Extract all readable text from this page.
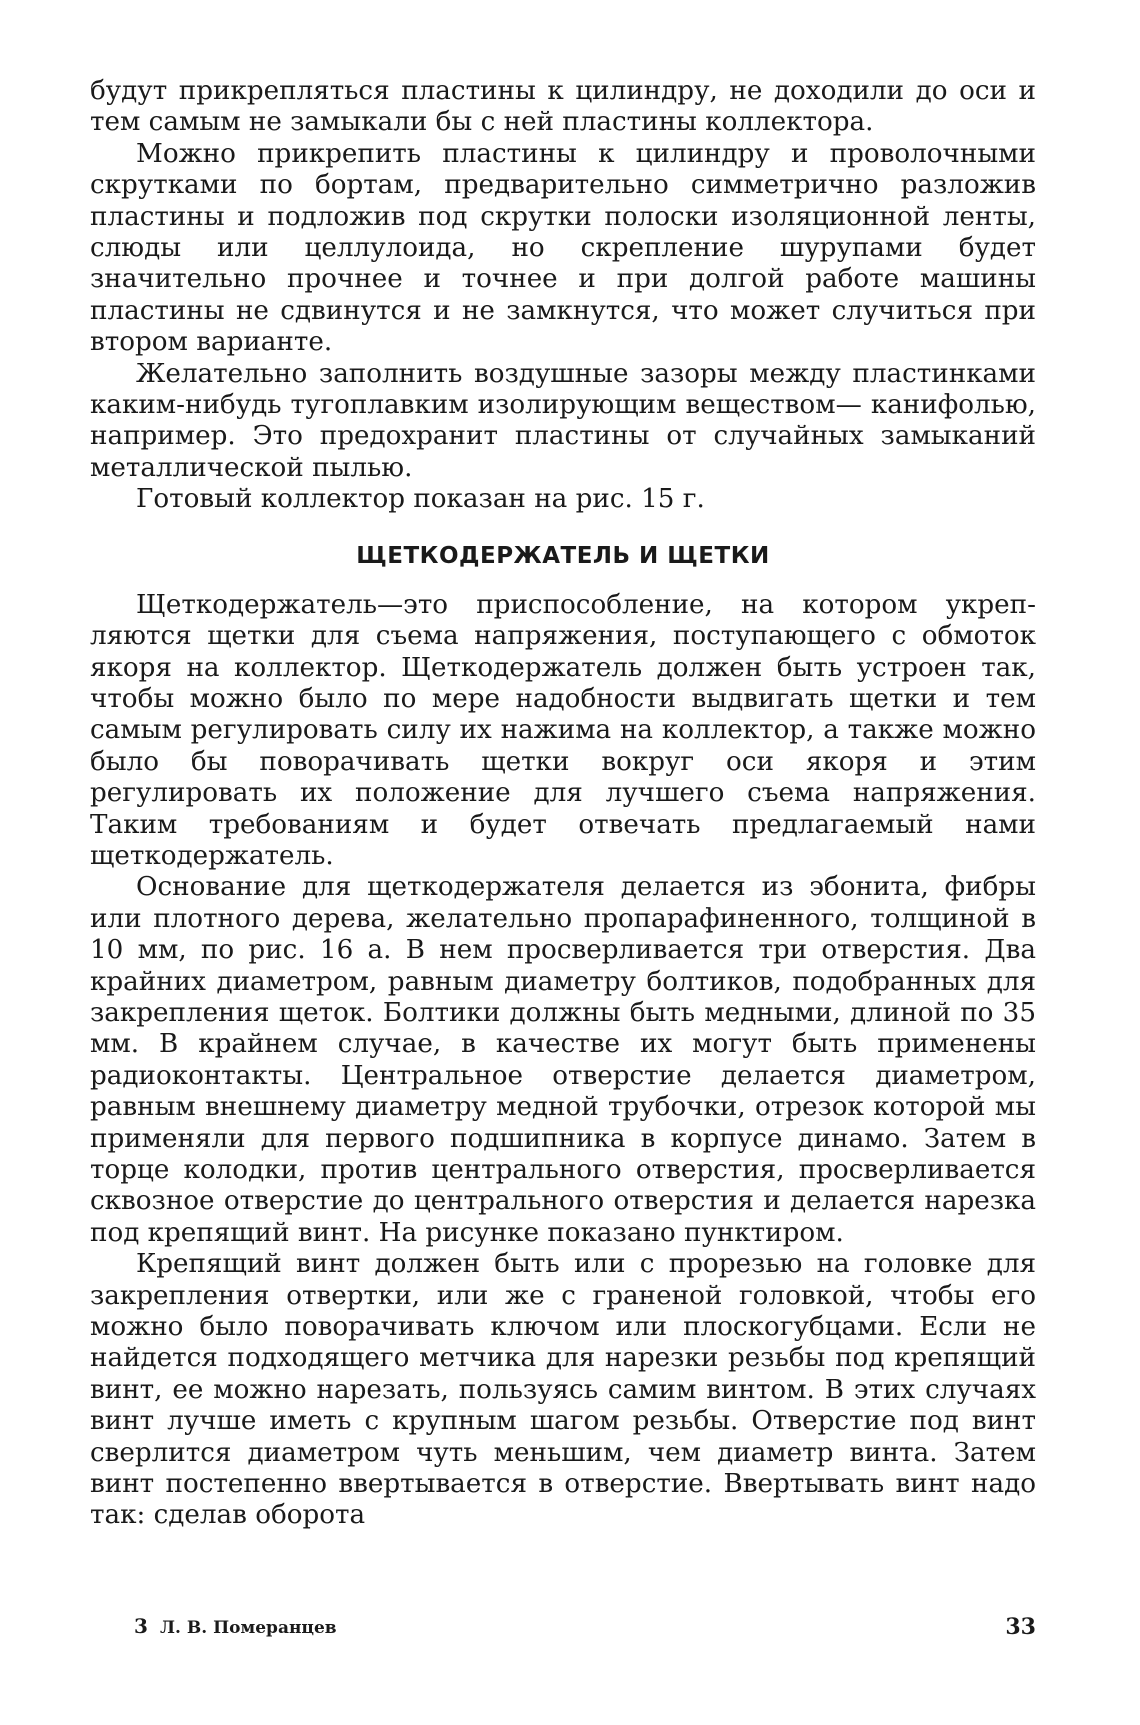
будут прикрепляться пластины к цилиндру, не доходили до оси и тем самым не замыкали бы с ней пластины коллектора.

Можно прикрепить пластины к цилиндру и проволочными скрутками по бортам, предварительно симметрично разложив пластины и подложив под скрутки полоски изоляционной ленты, слюды или целлулоида, но скрепление шурупами будет значительно прочнее и точнее и при долгой работе машины пластины не сдвинутся и не замкнутся, что может случиться при втором варианте.

Желательно заполнить воздушные зазоры между пластинками каким-нибудь тугоплавким изолирующим веществом— канифолью, например. Это предохранит пластины от случайных замыканий металлической пылью.

Готовый коллектор показан на рис. 15 г.

ЩЕТКОДЕРЖАТЕЛЬ И ЩЕТКИ

Щеткодержатель—это приспособление, на котором укрепляются щетки для съема напряжения, поступающего с обмоток якоря на коллектор. Щеткодержатель должен быть устроен так, чтобы можно было по мере надобности выдвигать щетки и тем самым регулировать силу их нажима на коллектор, а также можно было бы поворачивать щетки вокруг оси якоря и этим регулировать их положение для лучшего съема напряжения. Таким требованиям и будет отвечать предлагаемый нами щеткодержатель.

Основание для щеткодержателя делается из эбонита, фибры или плотного дерева, желательно пропарафиненного, толщиной в 10 мм, по рис. 16 а. В нем просверливается три отверстия. Два крайних диаметром, равным диаметру болтиков, подобранных для закрепления щеток. Болтики должны быть медными, длиной по 35 мм. В крайнем случае, в качестве их могут быть применены радиоконтакты. Центральное отверстие делается диаметром, равным внешнему диаметру медной трубочки, отрезок которой мы применяли для первого подшипника в корпусе динамо. Затем в торце колодки, против центрального отверстия, просверливается сквозное отверстие до центрального отверстия и делается нарезка под крепящий винт. На рисунке показано пунктиром.

Крепящий винт должен быть или с прорезью на головке для закрепления отвертки, или же с граненой головкой, чтобы его можно было поворачивать ключом или плоскогубцами. Если не найдется подходящего метчика для нарезки резьбы под крепящий винт, ее можно нарезать, пользуясь самим винтом. В этих случаях винт лучше иметь с крупным шагом резьбы. Отверстие под винт сверлится диаметром чуть меньшим, чем диаметр винта. Затем винт постепенно ввертывается в отверстие. Ввертывать винт надо так: сделав оборота

3 Л. В. Померанцев	33
